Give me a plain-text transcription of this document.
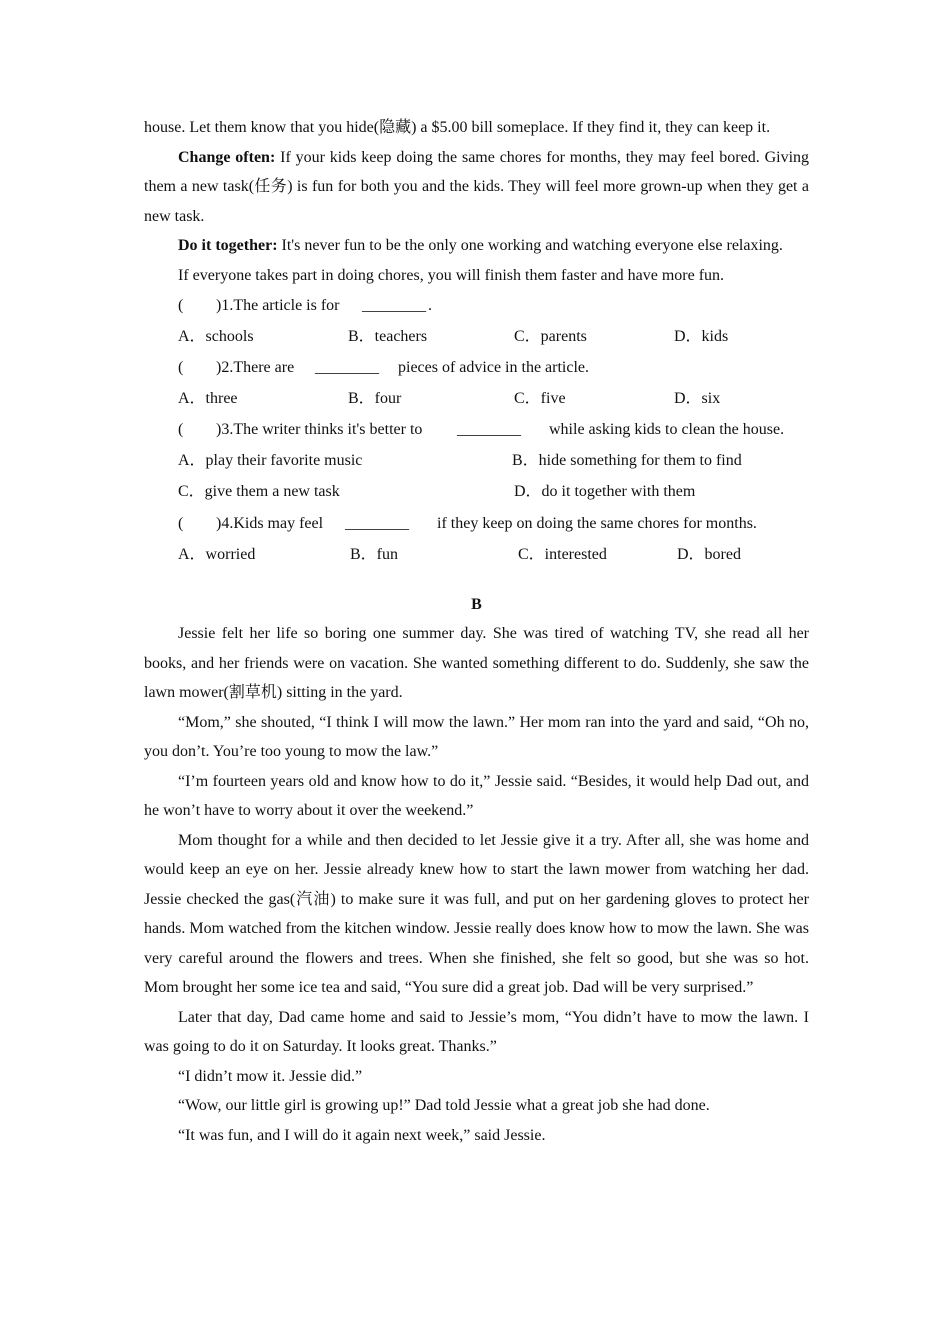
house. Let them know that you hide(隐藏) a $5.00 bill someplace. If they find it, they can keep it.

Change often: If your kids keep doing the same chores for months, they may feel bored. Giving them a new task(任务) is fun for both you and the kids. They will feel more grown-up when they get a new task.

Do it together: It's never fun to be the only one working and watching everyone else relaxing.

If everyone takes part in doing chores, you will finish them faster and have more fun.

( )1.The article is for ________ .
A．schools	B．teachers	C．parents	D．kids
( )2.There are ________ pieces of advice in the article.
A．three	B．four	C．five	D．six
( )3.The writer thinks it's better to ________ while asking kids to clean the house.
A．play their favorite music	B．hide something for them to find
C．give them a new task	D．do it together with them
( )4.Kids may feel ________ if they keep on doing the same chores for months.
A．worried	B．fun	C．interested	D．bored
B

Jessie felt her life so boring one summer day. She was tired of watching TV, she read all her books, and her friends were on vacation. She wanted something different to do. Suddenly, she saw the lawn mower(割草机) sitting in the yard.

“Mom,” she shouted, “I think I will mow the lawn.” Her mom ran into the yard and said, “Oh no, you don’t. You’re too young to mow the law.”

“I’m fourteen years old and know how to do it,” Jessie said. “Besides, it would help Dad out, and he won’t have to worry about it over the weekend.”

Mom thought for a while and then decided to let Jessie give it a try. After all, she was home and would keep an eye on her. Jessie already knew how to start the lawn mower from watching her dad. Jessie checked the gas(汽油) to make sure it was full, and put on her gardening gloves to protect her hands. Mom watched from the kitchen window. Jessie really does know how to mow the lawn. She was very careful around the flowers and trees. When she finished, she felt so good, but she was so hot. Mom brought her some ice tea and said, “You sure did a great job. Dad will be very surprised.”

Later that day, Dad came home and said to Jessie’s mom, “You didn’t have to mow the lawn. I was going to do it on Saturday. It looks great. Thanks.”

“I didn’t mow it. Jessie did.”

“Wow, our little girl is growing up!” Dad told Jessie what a great job she had done.

“It was fun, and I will do it again next week,” said Jessie.
